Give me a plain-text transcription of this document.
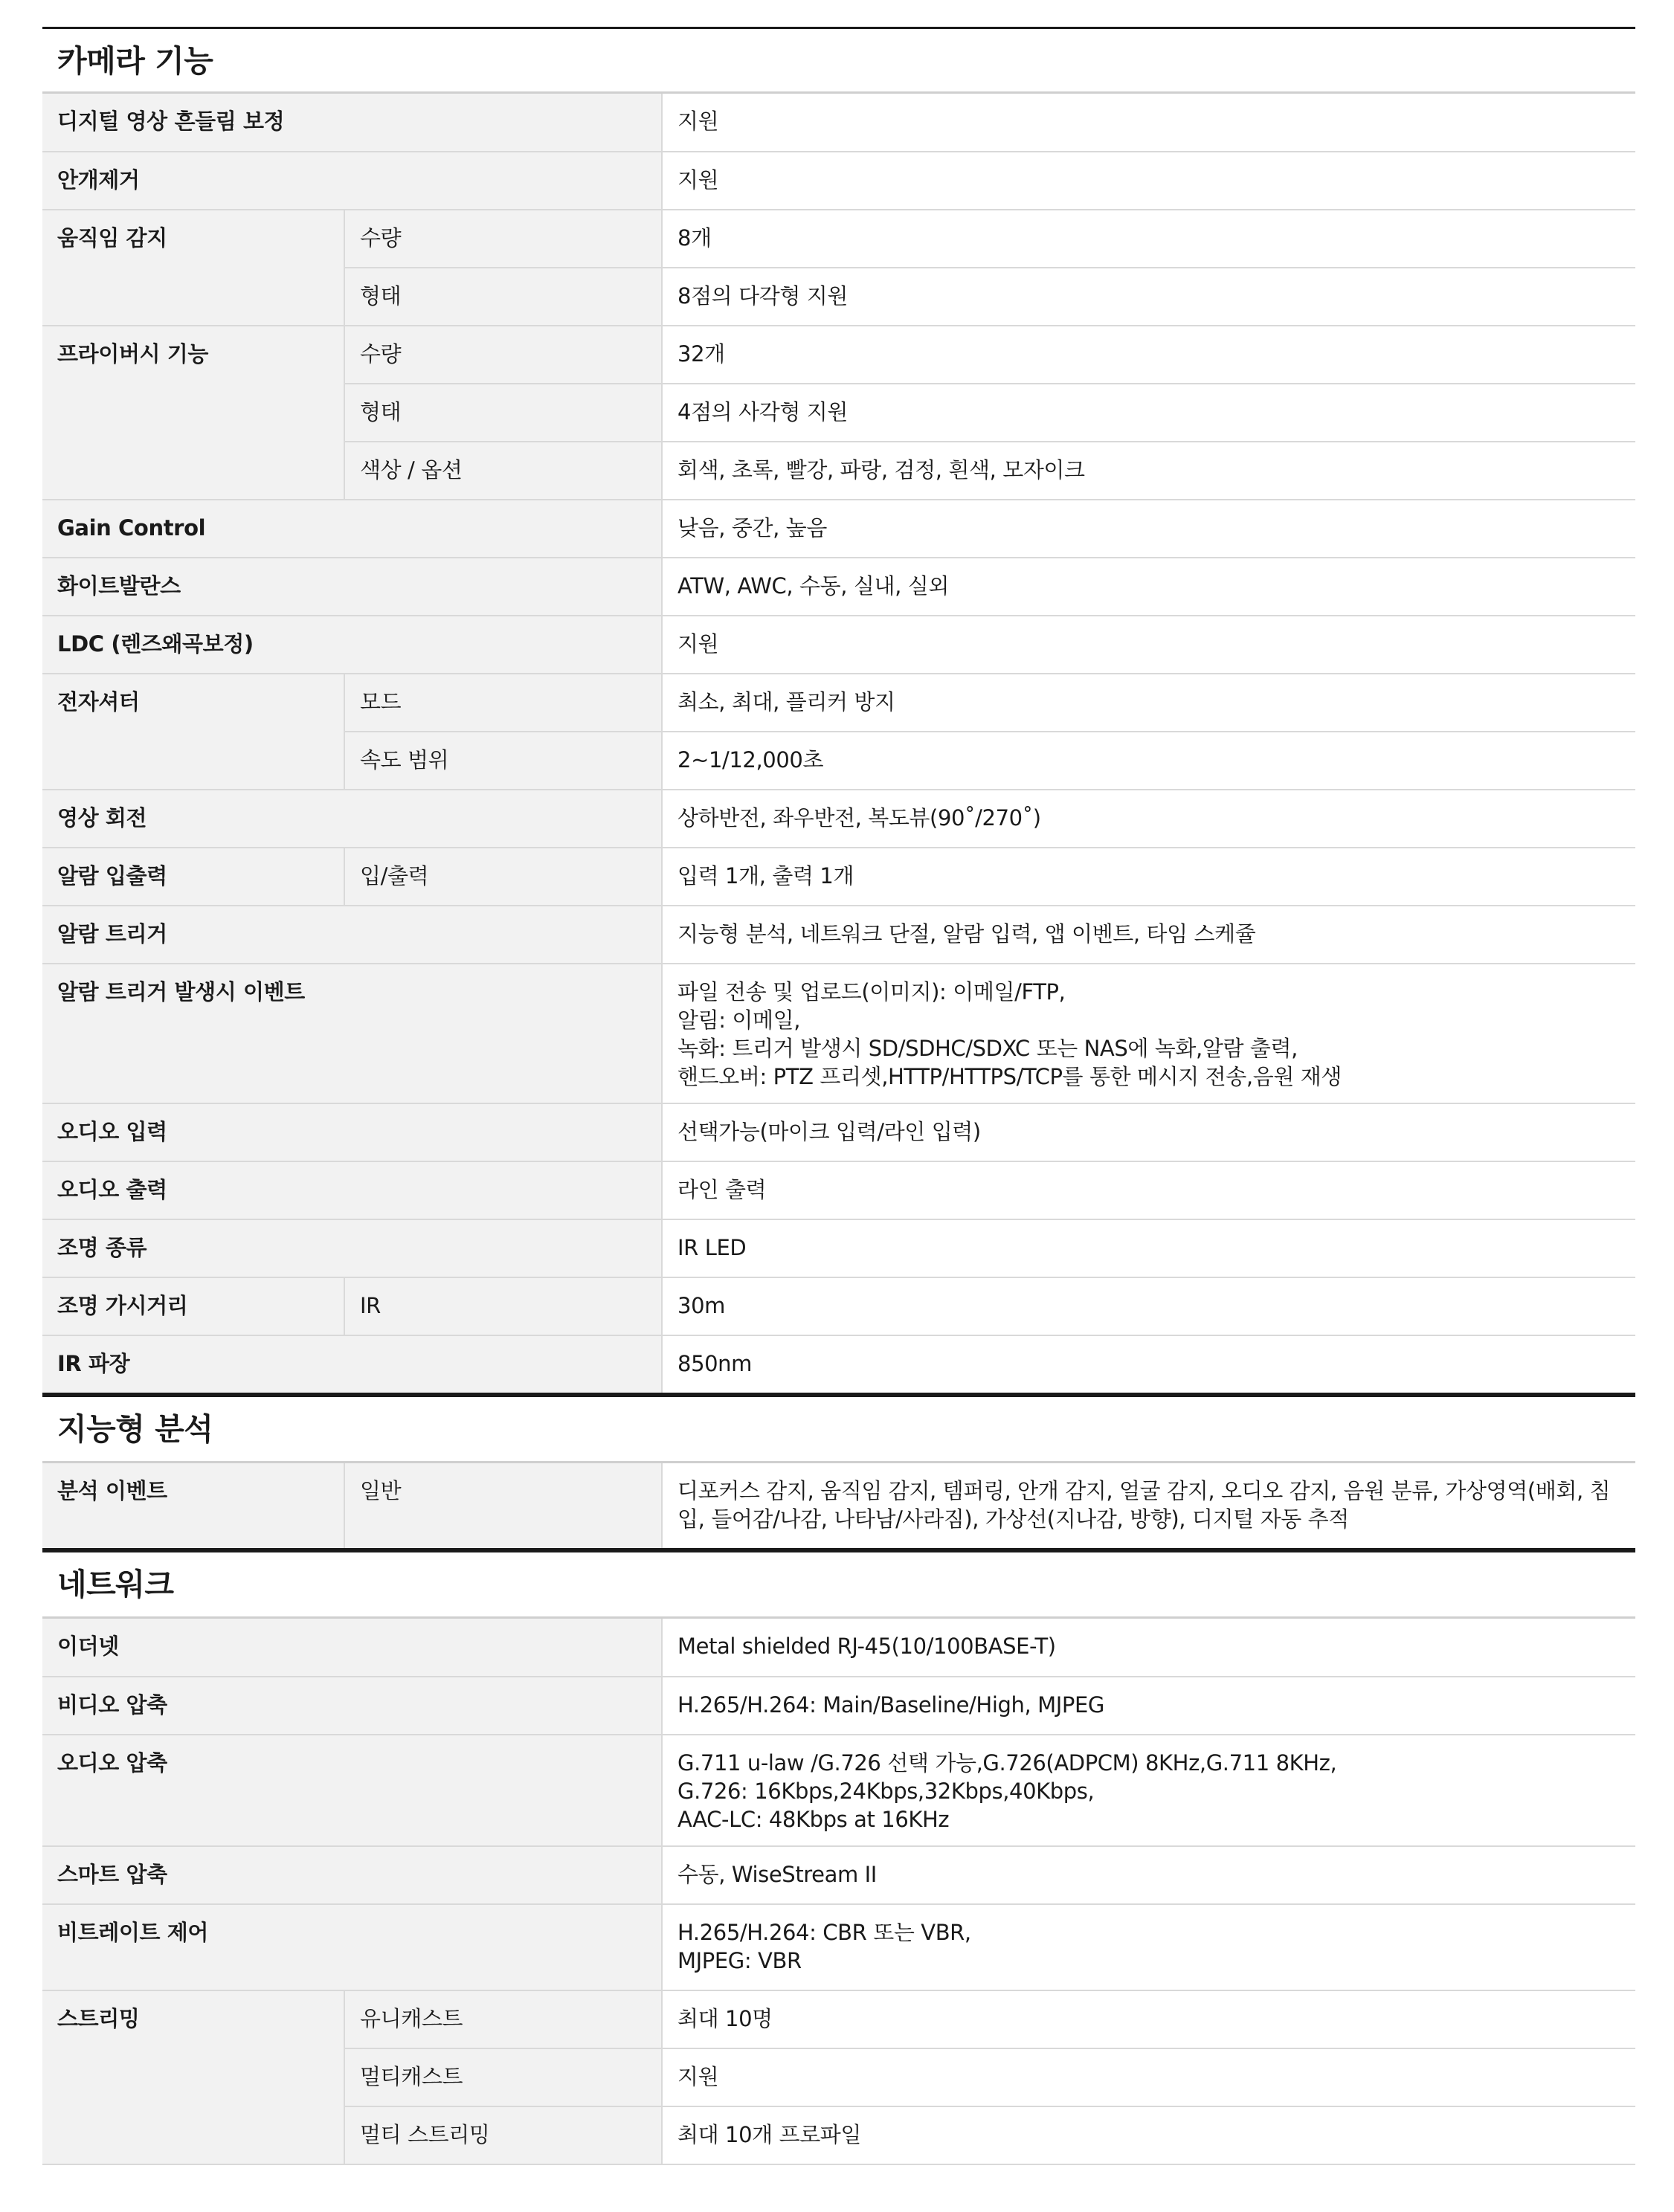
카메라 기능
디지털 영상 흔들림 보정		지원
안개제거		지원
움직임 감지	수량	8개
	형태	8점의 다각형 지원
프라이버시 기능	수량	32개
	형태	4점의 사각형 지원
	색상 / 옵션	회색, 초록, 빨강, 파랑, 검정, 흰색, 모자이크
Gain Control		낮음, 중간, 높음
화이트발란스		ATW, AWC, 수동, 실내, 실외
LDC (렌즈왜곡보정)		지원
전자셔터	모드	최소, 최대, 플리커 방지
	속도 범위	2~1/12,000초
영상 회전		상하반전, 좌우반전, 복도뷰(90˚/270˚)
알람 입출력	입/출력	입력 1개, 출력 1개
알람 트리거		지능형 분석, 네트워크 단절, 알람 입력, 앱 이벤트, 타임 스케쥴
알람 트리거 발생시 이벤트		파일 전송 및 업로드(이미지): 이메일/FTP,
알림: 이메일,
녹화: 트리거 발생시 SD/SDHC/SDXC 또는 NAS에 녹화,알람 출력,
핸드오버: PTZ 프리셋,HTTP/HTTPS/TCP를 통한 메시지 전송,음원 재생
오디오 입력		선택가능(마이크 입력/라인 입력)
오디오 출력		라인 출력
조명 종류		IR LED
조명 가시거리	IR	30m
IR 파장		850nm
지능형 분석
분석 이벤트	일반	디포커스 감지, 움직임 감지, 템퍼링, 안개 감지, 얼굴 감지, 오디오 감지, 음원 분류, 가상영역(배회, 침입, 들어감/나감, 나타남/사라짐), 가상선(지나감, 방향), 디지털 자동 추적
네트워크
이더넷		Metal shielded RJ-45(10/100BASE-T)
비디오 압축		H.265/H.264: Main/Baseline/High, MJPEG
오디오 압축		G.711 u-law /G.726 선택 가능,G.726(ADPCM) 8KHz,G.711 8KHz,
G.726: 16Kbps,24Kbps,32Kbps,40Kbps,
AAC-LC: 48Kbps at 16KHz
스마트 압축		수동, WiseStream II
비트레이트 제어		H.265/H.264: CBR 또는 VBR,
MJPEG: VBR
스트리밍	유니캐스트	최대 10명
	멀티캐스트	지원
	멀티 스트리밍	최대 10개 프로파일
